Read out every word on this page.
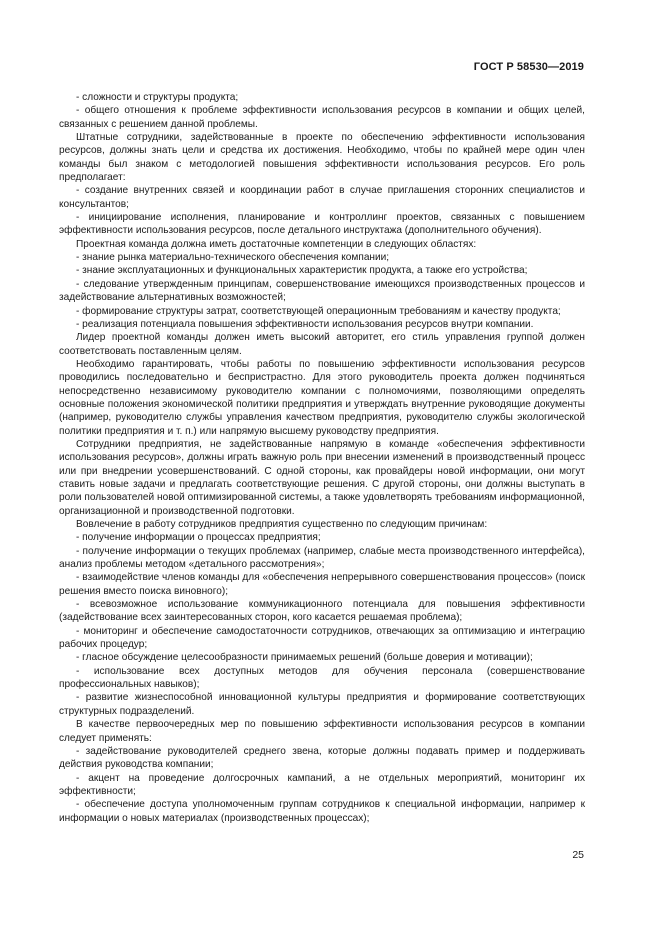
ГОСТ Р 58530—2019

- сложности и структуры продукта;

- общего отношения к проблеме эффективности использования ресурсов в компании и общих целей, связанных с решением данной проблемы.

Штатные сотрудники, задействованные в проекте по обеспечению эффективности использования ресурсов, должны знать цели и средства их достижения. Необходимо, чтобы по крайней мере один член команды был знаком с методологией повышения эффективности использования ресурсов. Его роль предполагает:

- создание внутренних связей и координации работ в случае приглашения сторонних специалистов и консультантов;

- инициирование исполнения, планирование и контроллинг проектов, связанных с повышением эффективности использования ресурсов, после детального инструктажа (дополнительного обучения).

Проектная команда должна иметь достаточные компетенции в следующих областях:

- знание рынка материально-технического обеспечения компании;

- знание эксплуатационных и функциональных характеристик продукта, а также его устройства;

- следование утвержденным принципам, совершенствование имеющихся производственных процессов и задействование альтернативных возможностей;

- формирование структуры затрат, соответствующей операционным требованиям и качеству продукта;

- реализация потенциала повышения эффективности использования ресурсов внутри компании.

Лидер проектной команды должен иметь высокий авторитет, его стиль управления группой должен соответствовать поставленным целям.

Необходимо гарантировать, чтобы работы по повышению эффективности использования ресурсов проводились последовательно и беспристрастно. Для этого руководитель проекта должен подчиняться непосредственно независимому руководителю компании с полномочиями, позволяющими определять основные положения экономической политики предприятия и утверждать внутренние руководящие документы (например, руководителю службы управления качеством предприятия, руководителю службы экологической политики предприятия и т. п.) или напрямую высшему руководству предприятия.

Сотрудники предприятия, не задействованные напрямую в команде «обеспечения эффективности использования ресурсов», должны играть важную роль при внесении изменений в производственный процесс или при внедрении усовершенствований. С одной стороны, как провайдеры новой информации, они могут ставить новые задачи и предлагать соответствующие решения. С другой стороны, они должны выступать в роли пользователей новой оптимизированной системы, а также удовлетворять требованиям информационной, организационной и производственной подготовки.

Вовлечение в работу сотрудников предприятия существенно по следующим причинам:

- получение информации о процессах предприятия;

- получение информации о текущих проблемах (например, слабые места производственного интерфейса), анализ проблемы методом «детального рассмотрения»;

- взаимодействие членов команды для «обеспечения непрерывного совершенствования процессов» (поиск решения вместо поиска виновного);

- всевозможное использование коммуникационного потенциала для повышения эффективности (задействование всех заинтересованных сторон, кого касается решаемая проблема);

- мониторинг и обеспечение самодостаточности сотрудников, отвечающих за оптимизацию и интеграцию рабочих процедур;

- гласное обсуждение целесообразности принимаемых решений (больше доверия и мотивации);

- использование всех доступных методов для обучения персонала (совершенствование профессиональных навыков);

- развитие жизнеспособной инновационной культуры предприятия и формирование соответствующих структурных подразделений.

В качестве первоочередных мер по повышению эффективности использования ресурсов в компании следует применять:

- задействование руководителей среднего звена, которые должны подавать пример и поддерживать действия руководства компании;

- акцент на проведение долгосрочных кампаний, а не отдельных мероприятий, мониторинг их эффективности;

- обеспечение доступа уполномоченным группам сотрудников к специальной информации, например к информации о новых материалах (производственных процессах);

25
